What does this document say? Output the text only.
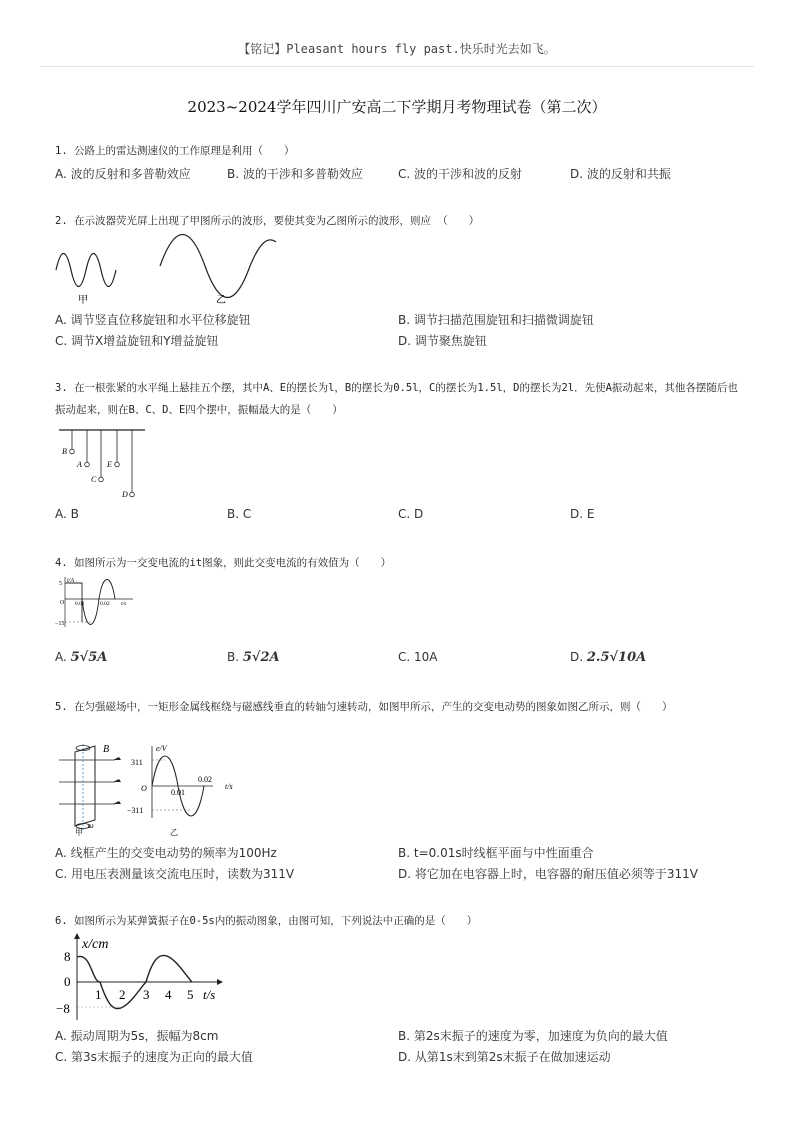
【铭记】Pleasant hours fly past.快乐时光去如飞。
2023~2024学年四川广安高二下学期月考物理试卷（第二次）
1. 公路上的雷达测速仪的工作原理是利用（　　）
A. 波的反射和多普勒效应	B. 波的干涉和多普勒效应	C. 波的干涉和波的反射	D. 波的反射和共振
2. 在示波器荧光屏上出现了甲图所示的波形，要使其变为乙图所示的波形，则应 （　　）
甲	乙
A. 调节竖直位移旋钮和水平位移旋钮	B. 调节扫描范围旋钮和扫描微调旋钮
C. 调节X增益旋钮和Y增益旋钮	D. 调节聚焦旋钮
3. 在一根张紧的水平绳上悬挂五个摆，其中A、E的摆长为l，B的摆长为0.5l，C的摆长为1.5l，D的摆长为2l．先使A振动起来，其他各摆随后也振动起来，则在B、C、D、E四个摆中，振幅最大的是（　　）
B
A	E
C
D
A. B	B. C	C. D	D. E
4. 如图所示为一交变电流的it图象，则此交变电流的有效值为（　　）
5 i/A
O 0.01	0.02 t/s
−15
A. 5√5A	B. 5√2A	C. 10A	D. 2.5√10A
5. 在匀强磁场中，一矩形金属线框绕与磁感线垂直的转轴匀速转动，如图甲所示，产生的交变电动势的图象如图乙所示，则（　　）
B
ω
甲
e/V
311
O	0.01
0.02
t/s
−311
乙
A. 线框产生的交变电动势的频率为100Hz	B. t=0.01s时线框平面与中性面重合
C. 用电压表测量该交流电压时，读数为311V	D. 将它加在电容器上时，电容器的耐压值必须等于311V
6. 如图所示为某弹簧振子在0-5s内的振动图象，由图可知，下列说法中正确的是（　　）
x/cm
8
0
−8
1 2 3 4 5 t/s
A. 振动周期为5s，振幅为8cm	B. 第2s末振子的速度为零，加速度为负向的最大值
C. 第3s末振子的速度为正向的最大值	D. 从第1s末到第2s末振子在做加速运动
